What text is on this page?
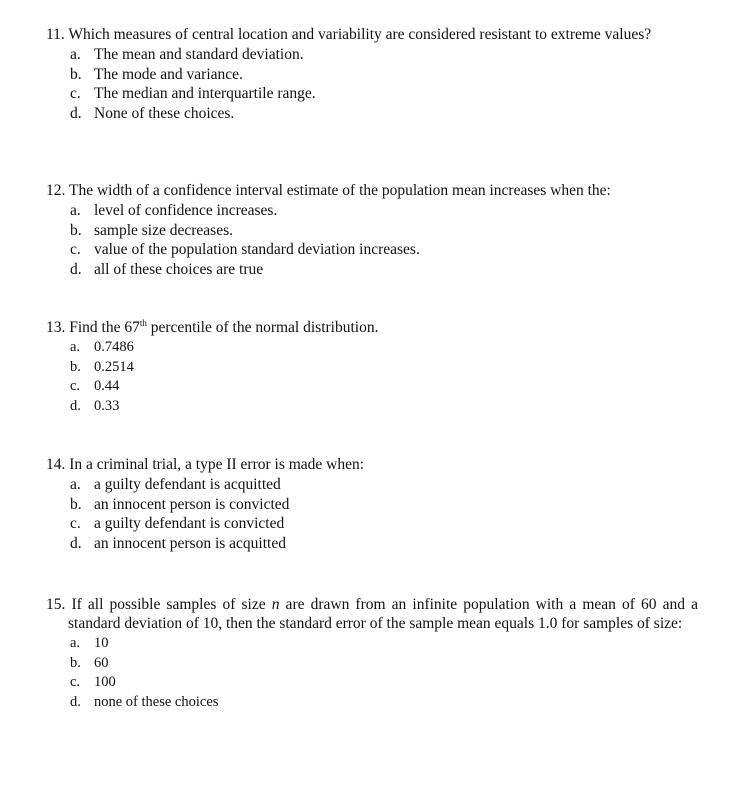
11. Which measures of central location and variability are considered resistant to extreme values?
a. The mean and standard deviation.
b. The mode and variance.
c. The median and interquartile range.
d. None of these choices.
12. The width of a confidence interval estimate of the population mean increases when the:
a. level of confidence increases.
b. sample size decreases.
c. value of the population standard deviation increases.
d. all of these choices are true
13. Find the 67th percentile of the normal distribution.
a. 0.7486
b. 0.2514
c. 0.44
d. 0.33
14. In a criminal trial, a type II error is made when:
a. a guilty defendant is acquitted
b. an innocent person is convicted
c. a guilty defendant is convicted
d. an innocent person is acquitted
15. If all possible samples of size n are drawn from an infinite population with a mean of 60 and a standard deviation of 10, then the standard error of the sample mean equals 1.0 for samples of size:
a. 10
b. 60
c. 100
d. none of these choices
